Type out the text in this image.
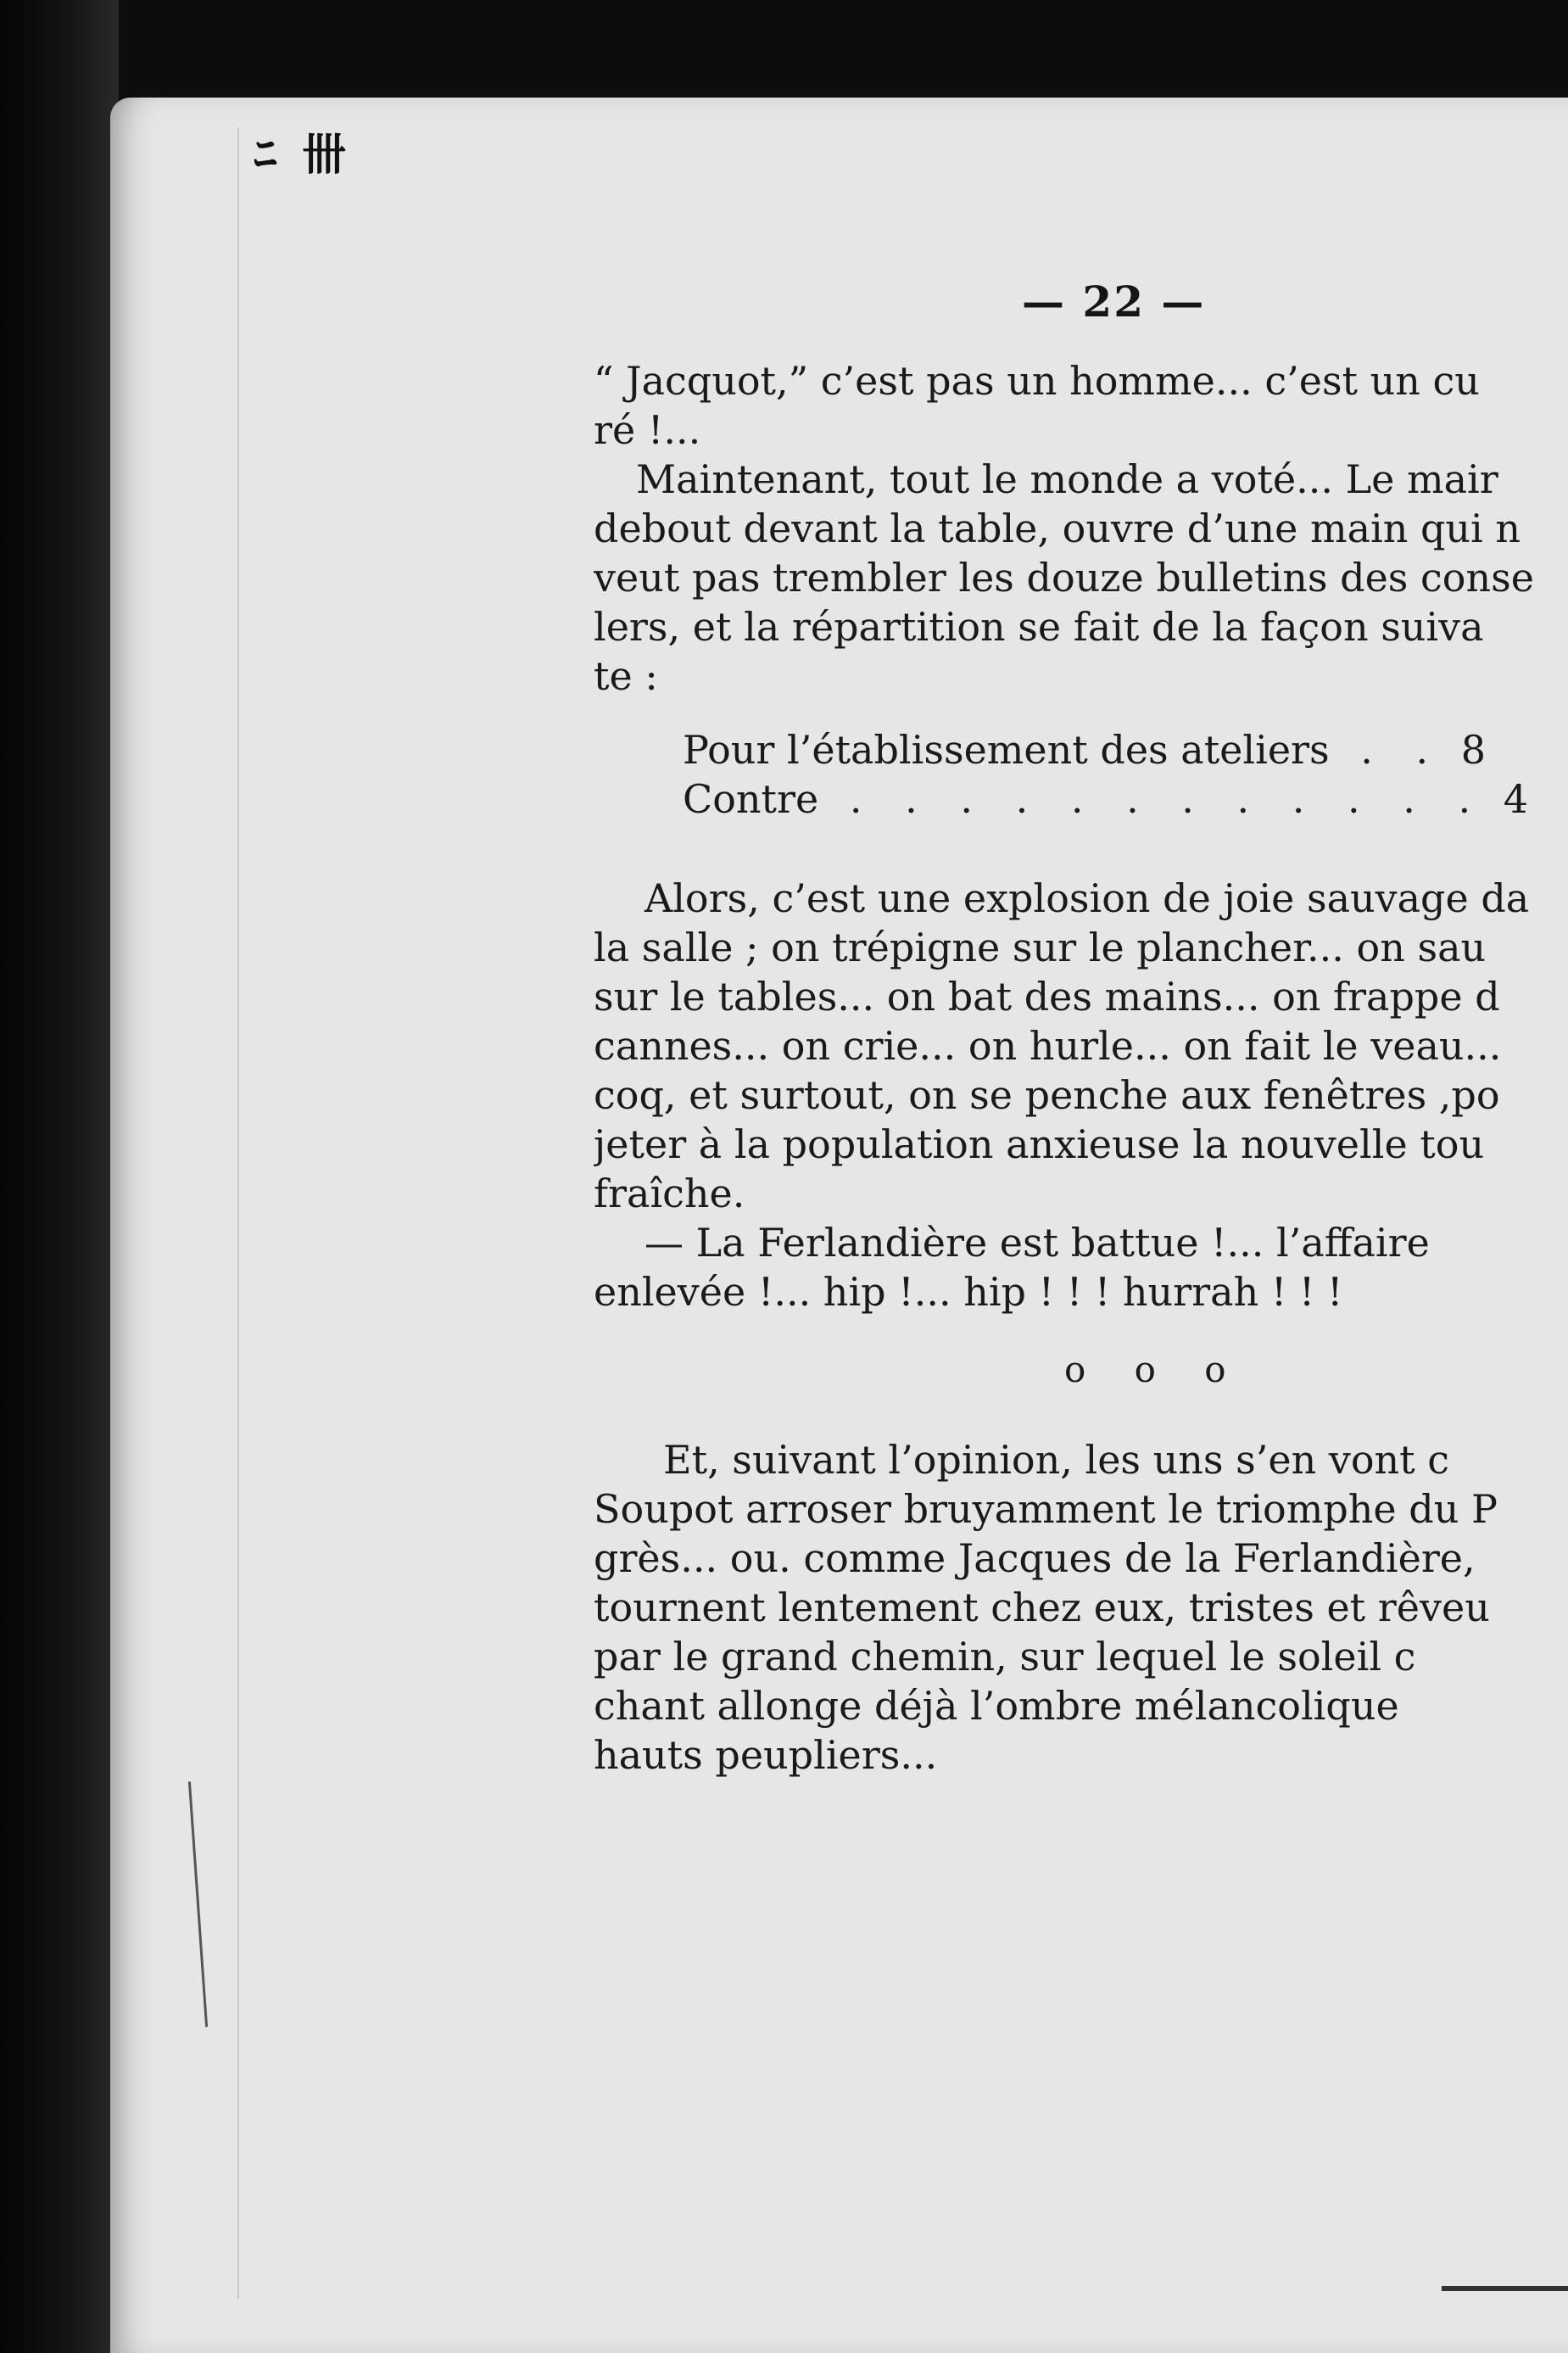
ﾆ 卌
— 22 —
“ Jacquot,” c’est pas un homme... c’est un cu
ré !...
Maintenant, tout le monde a voté... Le mair
debout devant la table, ouvre d’une main qui n
veut pas trembler les douze bulletins des conse
lers, et la répartition se fait de la façon suiva
te :
Pour l’établissement des ateliers . . 8
Contre . . . . . . . . . . . . 4
Alors, c’est une explosion de joie sauvage da
la salle ; on trépigne sur le plancher... on sau
sur le tables... on bat des mains... on frappe d
cannes... on crie... on hurle... on fait le veau...
coq, et surtout, on se penche aux fenêtres ,po
jeter à la population anxieuse la nouvelle tou
fraîche.
— La Ferlandière est battue !... l’affaire
enlevée !... hip !... hip ! ! ! hurrah ! ! !
o o o
Et, suivant l’opinion, les uns s’en vont c
Soupot arroser bruyamment le triomphe du P
grès... ou. comme Jacques de la Ferlandière,
tournent lentement chez eux, tristes et rêveu
par le grand chemin, sur lequel le soleil c
chant allonge déjà l’ombre mélancolique
hauts peupliers...
